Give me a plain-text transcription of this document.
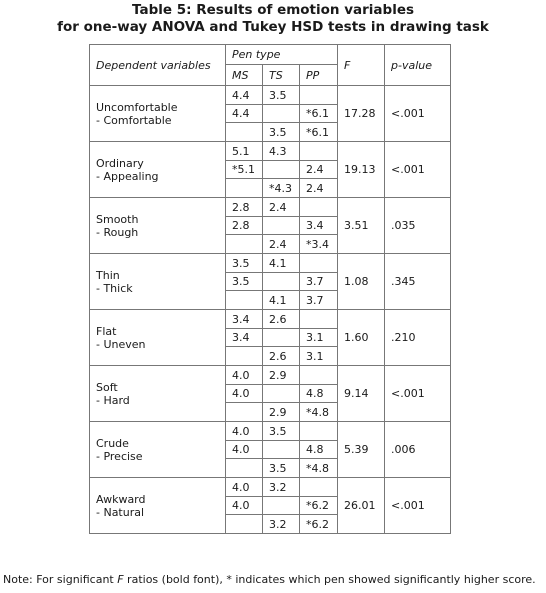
Table 5: Results of emotion variables
for one-way ANOVA and Tukey HSD tests in drawing task
Dependent variables	Pen type			F	p-value
	MS	TS	PP		

Uncomfortable
- Comfortable	4.4	3.5		17.28	<.001
	4.4		*6.1		
		3.5	*6.1		

Ordinary
- Appealing	5.1	4.3		19.13	<.001
	*5.1		2.4		
		*4.3	2.4		

Smooth
- Rough	2.8	2.4		3.51	.035
	2.8		3.4		
		2.4	*3.4		

Thin
- Thick	3.5	4.1		1.08	.345
	3.5		3.7		
		4.1	3.7		

Flat
- Uneven	3.4	2.6		1.60	.210
	3.4		3.1		
		2.6	3.1		

Soft
- Hard	4.0	2.9		9.14	<.001
	4.0		4.8		
		2.9	*4.8		

Crude
- Precise	4.0	3.5		5.39	.006
	4.0		4.8		
		3.5	*4.8		

Awkward
- Natural	4.0	3.2		26.01	<.001
	4.0		*6.2		
		3.2	*6.2		
Note: For significant F ratios (bold font), * indicates which pen showed significantly higher score.
